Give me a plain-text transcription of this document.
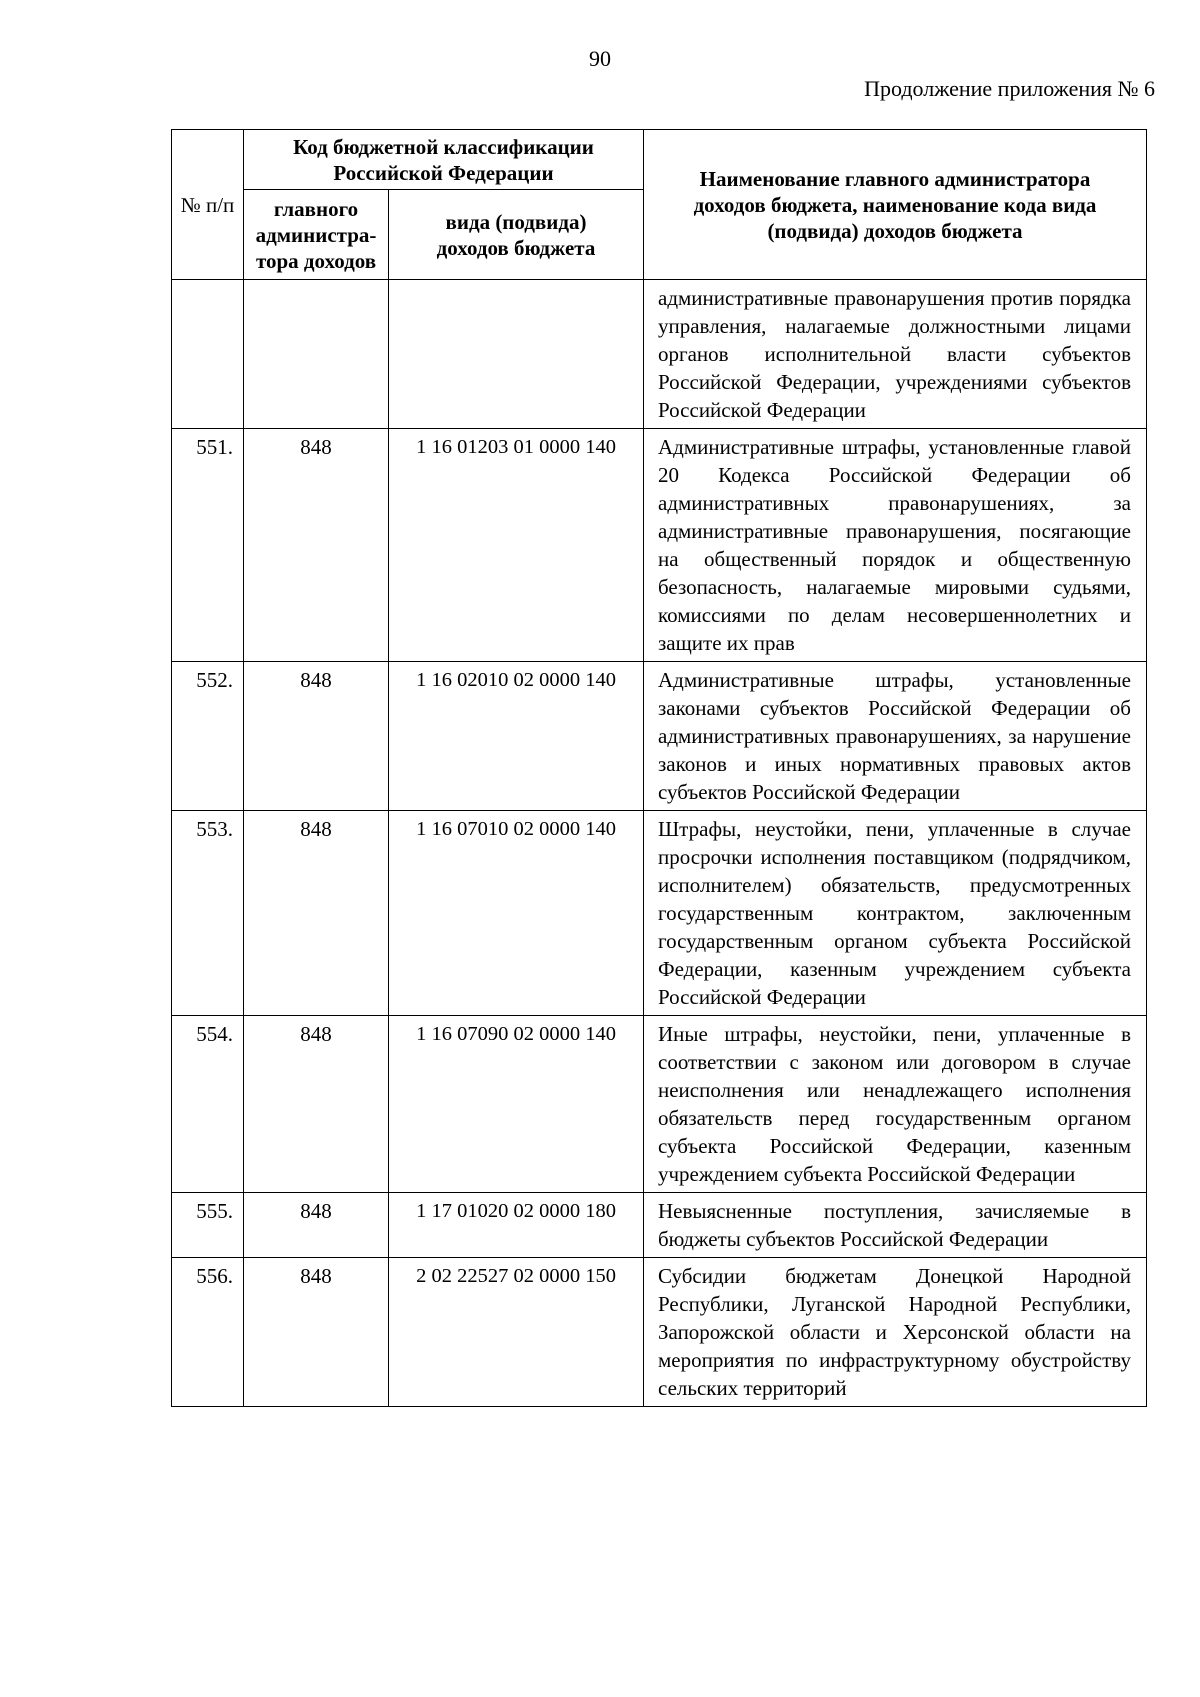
90
Продолжение приложения № 6
№ п/п	Код бюджетной классификации Российской Федерации		Наименование главного администратора доходов бюджета, наименование кода вида (подвида) доходов бюджета
	главного администра-тора доходов	вида (подвида) доходов бюджета	
			административные правонарушения против порядка управления, налагаемые должностными лицами органов исполнительной власти субъектов Российской Федерации, учреждениями субъектов Российской Федерации
551.	848	1 16 01203 01 0000 140	Административные штрафы, установленные главой 20 Кодекса Российской Федерации об административных правонарушениях, за административные правонарушения, посягающие на общественный порядок и общественную безопасность, налагаемые мировыми судьями, комиссиями по делам несовершеннолетних и защите их прав
552.	848	1 16 02010 02 0000 140	Административные штрафы, установленные законами субъектов Российской Федерации об административных правонарушениях, за нарушение законов и иных нормативных правовых актов субъектов Российской Федерации
553.	848	1 16 07010 02 0000 140	Штрафы, неустойки, пени, уплаченные в случае просрочки исполнения поставщиком (подрядчиком, исполнителем) обязательств, предусмотренных государственным контрактом, заключенным государственным органом субъекта Российской Федерации, казенным учреждением субъекта Российской Федерации
554.	848	1 16 07090 02 0000 140	Иные штрафы, неустойки, пени, уплаченные в соответствии с законом или договором в случае неисполнения или ненадлежащего исполнения обязательств перед государственным органом субъекта Российской Федерации, казенным учреждением субъекта Российской Федерации
555.	848	1 17 01020 02 0000 180	Невыясненные поступления, зачисляемые в бюджеты субъектов Российской Федерации
556.	848	2 02 22527 02 0000 150	Субсидии бюджетам Донецкой Народной Республики, Луганской Народной Республики, Запорожской области и Херсонской области на мероприятия по инфраструктурному обустройству сельских территорий
